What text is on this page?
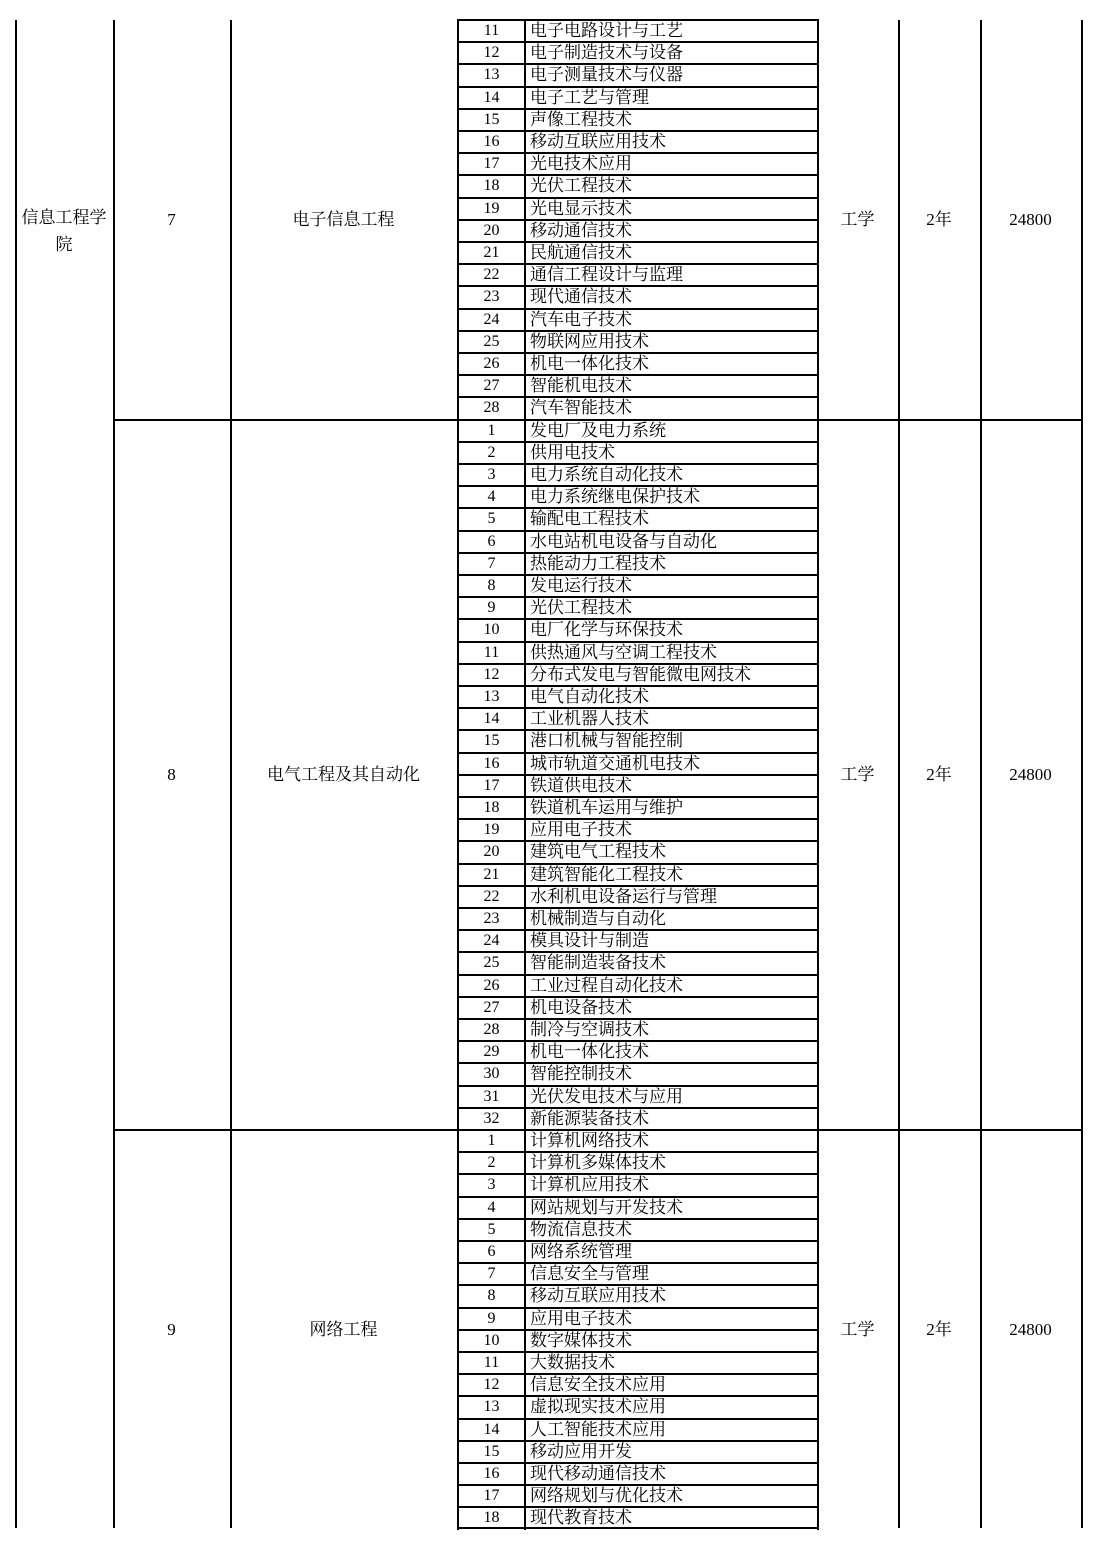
信息工程学院
7	电子信息工程	工学	2年	24800
11	电子电路设计与工艺
12	电子制造技术与设备
13	电子测量技术与仪器
14	电子工艺与管理
15	声像工程技术
16	移动互联应用技术
17	光电技术应用
18	光伏工程技术
19	光电显示技术
20	移动通信技术
21	民航通信技术
22	通信工程设计与监理
23	现代通信技术
24	汽车电子技术
25	物联网应用技术
26	机电一体化技术
27	智能机电技术
28	汽车智能技术
8	电气工程及其自动化	工学	2年	24800
1	发电厂及电力系统
2	供用电技术
3	电力系统自动化技术
4	电力系统继电保护技术
5	输配电工程技术
6	水电站机电设备与自动化
7	热能动力工程技术
8	发电运行技术
9	光伏工程技术
10	电厂化学与环保技术
11	供热通风与空调工程技术
12	分布式发电与智能微电网技术
13	电气自动化技术
14	工业机器人技术
15	港口机械与智能控制
16	城市轨道交通机电技术
17	铁道供电技术
18	铁道机车运用与维护
19	应用电子技术
20	建筑电气工程技术
21	建筑智能化工程技术
22	水利机电设备运行与管理
23	机械制造与自动化
24	模具设计与制造
25	智能制造装备技术
26	工业过程自动化技术
27	机电设备技术
28	制冷与空调技术
29	机电一体化技术
30	智能控制技术
31	光伏发电技术与应用
32	新能源装备技术
9	网络工程	工学	2年	24800
1	计算机网络技术
2	计算机多媒体技术
3	计算机应用技术
4	网站规划与开发技术
5	物流信息技术
6	网络系统管理
7	信息安全与管理
8	移动互联应用技术
9	应用电子技术
10	数字媒体技术
11	大数据技术
12	信息安全技术应用
13	虚拟现实技术应用
14	人工智能技术应用
15	移动应用开发
16	现代移动通信技术
17	网络规划与优化技术
18	现代教育技术
